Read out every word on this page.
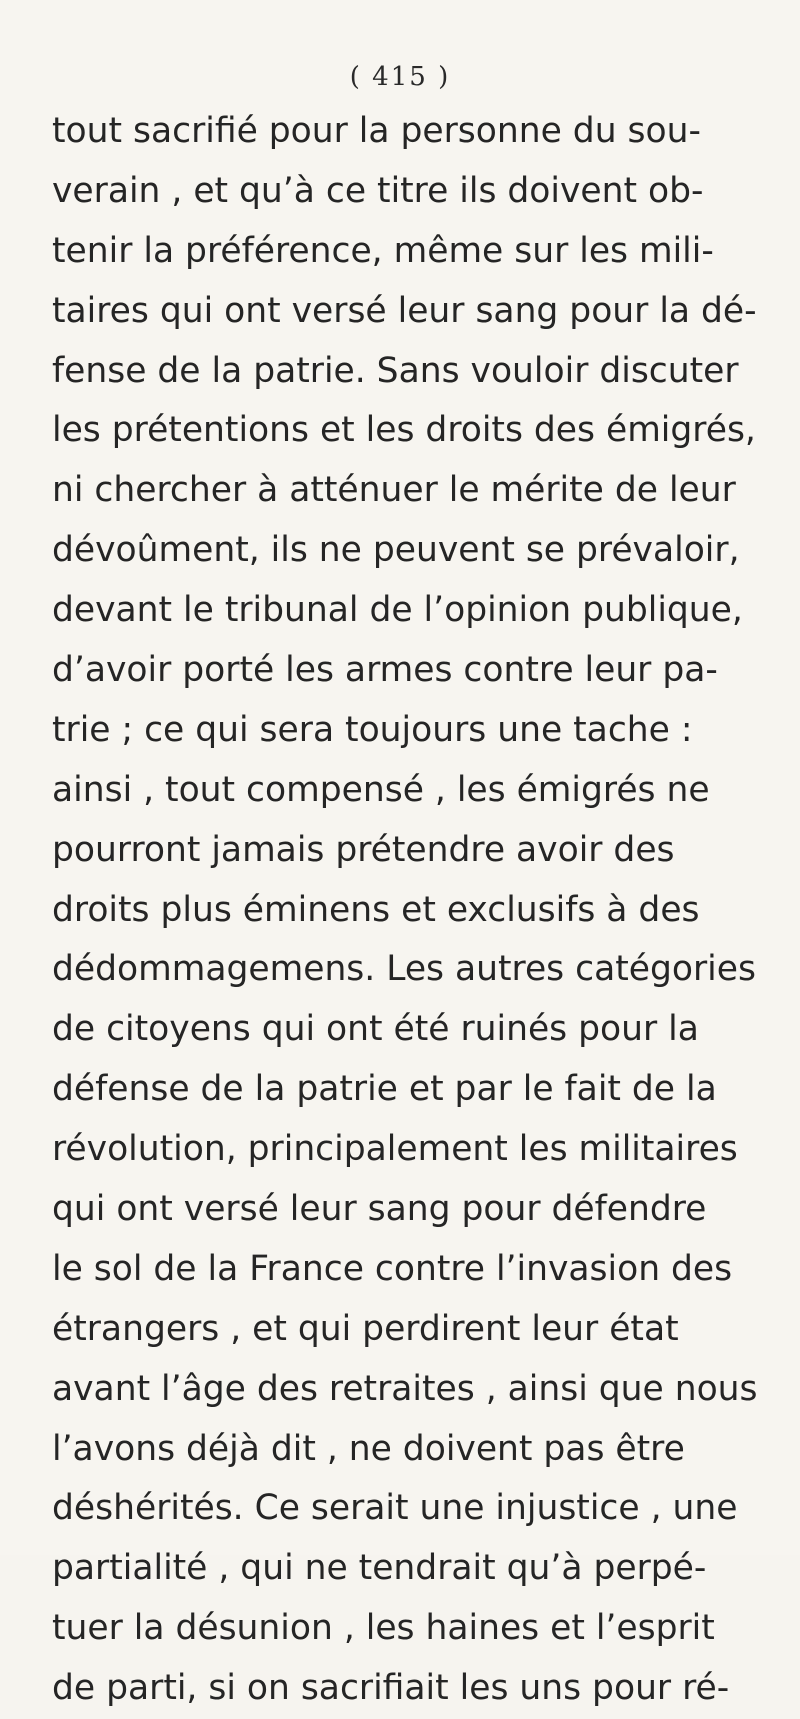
( 415 )
tout sacrifié pour la personne du sou-
verain , et qu’à ce titre ils doivent ob-
tenir la préférence, même sur les mili-
taires qui ont versé leur sang pour la dé-
fense de la patrie. Sans vouloir discuter
les prétentions et les droits des émigrés,
ni chercher à atténuer le mérite de leur
dévoûment, ils ne peuvent se prévaloir,
devant le tribunal de l’opinion publique,
d’avoir porté les armes contre leur pa-
trie ; ce qui sera toujours une tache :
ainsi , tout compensé , les émigrés ne
pourront jamais prétendre avoir des
droits plus éminens et exclusifs à des
dédommagemens. Les autres catégories
de citoyens qui ont été ruinés pour la
défense de la patrie et par le fait de la
révolution, principalement les militaires
qui ont versé leur sang pour défendre
le sol de la France contre l’invasion des
étrangers , et qui perdirent leur état
avant l’âge des retraites , ainsi que nous
l’avons déjà dit , ne doivent pas être
déshérités. Ce serait une injustice , une
partialité , qui ne tendrait qu’à perpé-
tuer la désunion , les haines et l’esprit
de parti, si on sacrifiait les uns pour ré-
